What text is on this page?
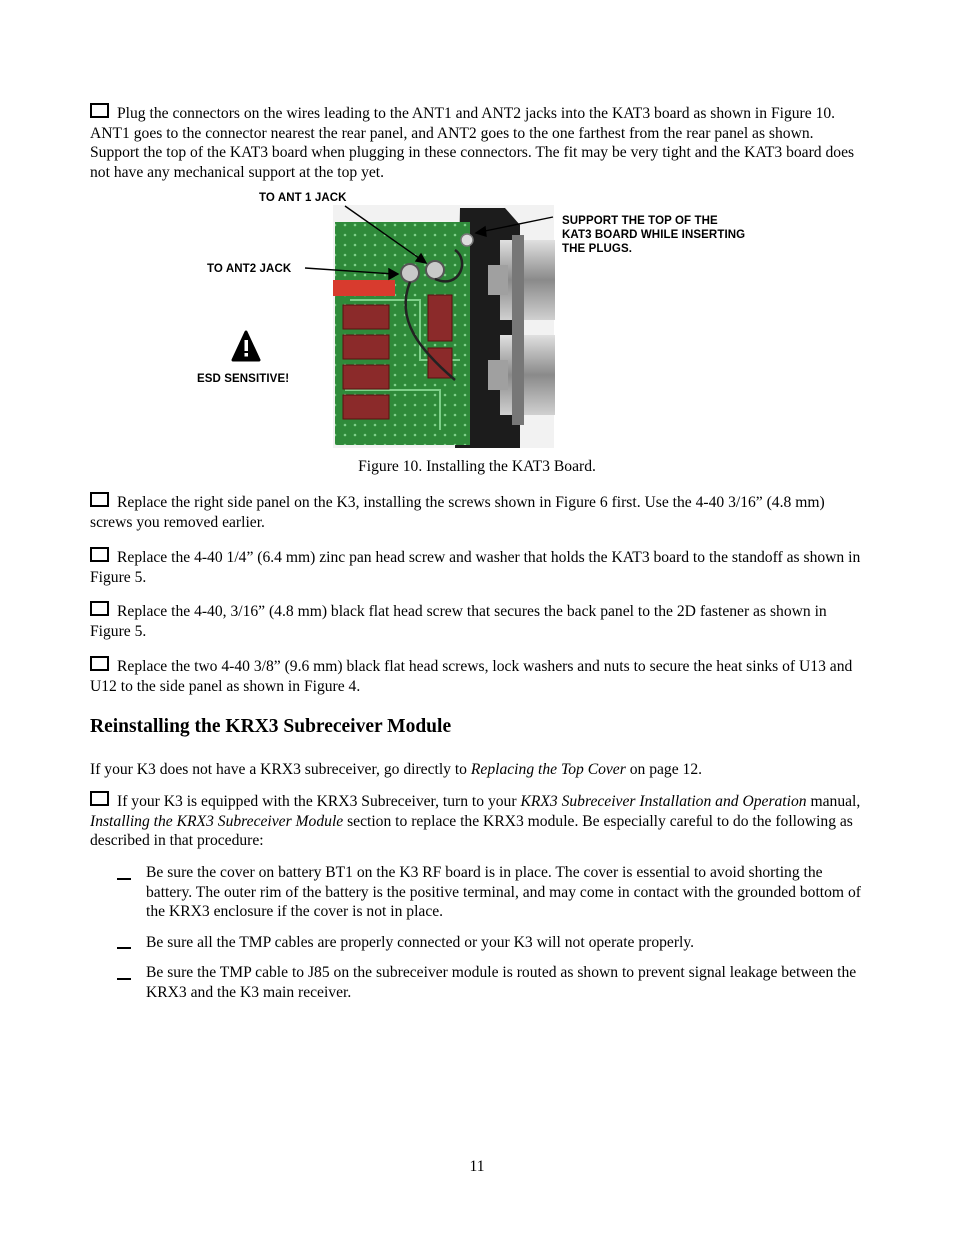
Plug the connectors on the wires leading to the ANT1 and ANT2 jacks into the KAT3 board as shown in Figure 10. ANT1 goes to the connector nearest the rear panel, and ANT2 goes to the one farthest from the rear panel as shown. Support the top of the KAT3 board when plugging in these connectors. The fit may be very tight and the KAT3 board does not have any mechanical support at the top yet.
TO ANT 1 JACK
TO ANT2 JACK
SUPPORT THE TOP OF THE
KAT3 BOARD WHILE INSERTING
THE PLUGS.
ESD SENSITIVE!
Figure 10. Installing the KAT3 Board.
Replace the right side panel on the K3, installing the screws shown in Figure 6 first. Use the 4-40 3/16” (4.8 mm) screws you removed earlier.
Replace the 4-40 1/4” (6.4 mm) zinc pan head screw and washer that holds the KAT3 board to the standoff as shown in Figure 5.
Replace the 4-40, 3/16” (4.8 mm) black flat head screw that secures the back panel to the 2D fastener as shown in Figure 5.
Replace the two 4-40 3/8” (9.6 mm) black flat head screws, lock washers and nuts to secure the heat sinks of U13 and U12 to the side panel as shown in Figure 4.
Reinstalling the KRX3 Subreceiver Module
If your K3 does not have a KRX3 subreceiver, go directly to Replacing the Top Cover on page 12.
If your K3 is equipped with the KRX3 Subreceiver, turn to your KRX3 Subreceiver Installation and Operation manual, Installing the KRX3 Subreceiver Module section to replace the KRX3 module. Be especially careful to do the following as described in that procedure:
Be sure the cover on battery BT1 on the K3 RF board is in place. The cover is essential to avoid shorting the battery. The outer rim of the battery is the positive terminal, and may come in contact with the grounded bottom of the KRX3 enclosure if the cover is not in place.
Be sure all the TMP cables are properly connected or your K3 will not operate properly.
Be sure the TMP cable to J85 on the subreceiver module is routed as shown to prevent signal leakage between the KRX3 and the K3 main receiver.
11
